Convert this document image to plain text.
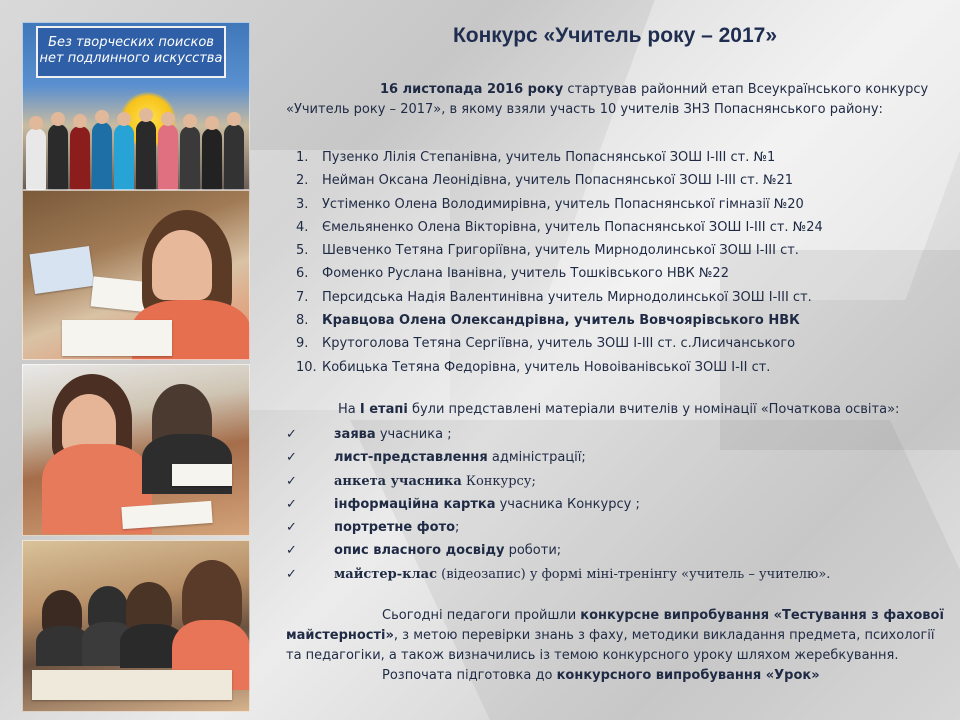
Без творческих поисков нет подлинного искусства
Конкурс «Учитель року – 2017»

16 листопада 2016 року стартував районний етап Всеукраїнського конкурсу «Учитель року – 2017», в якому взяли участь 10 учителів ЗНЗ Попаснянського району:

1. Пузенко Лілія Степанівна, учитель Попаснянської ЗОШ І-ІІІ ст. №1
2. Нейман Оксана Леонідівна, учитель Попаснянської ЗОШ І-ІІІ ст. №21
3. Устіменко Олена Володимирівна, учитель Попаснянської гімназії №20
4. Ємельяненко Олена Вікторівна, учитель Попаснянської ЗОШ І-ІІІ ст. №24
5. Шевченко Тетяна Григоріївна, учитель Мирнодолинської ЗОШ І-ІІІ ст.
6. Фоменко Руслана Іванівна, учитель Тошківського НВК №22
7. Персидська Надія Валентинівна учитель Мирнодолинської ЗОШ І-ІІІ ст.
8. Кравцова Олена Олександрівна, учитель Вовчоярівського НВК
9. Крутоголова Тетяна Сергіївна, учитель ЗОШ І-ІІІ ст. с.Лисичанського
10. Кобицька Тетяна Федорівна, учитель Новоіванівської ЗОШ І-ІІ ст.

На І етапі були представлені матеріали вчителів у номінації «Початкова освіта»:

✓	заява учасника ;
✓	лист-представлення адміністрації;
✓	анкета учасника Конкурсу;
✓	інформаційна картка учасника Конкурсу ;
✓	портретне фото;
✓	опис власного досвіду роботи;
✓	майстер-клас (відеозапис) у формі міні-тренінгу «учитель – учителю».

Сьогодні педагоги пройшли конкурсне випробування «Тестування з фахової майстерності», з метою перевірки знань з фаху, методики викладання предмета, психології та педагогіки, а також визначились із темою конкурсного уроку шляхом жеребкування.
Розпочата підготовка до конкурсного випробування «Урок»
